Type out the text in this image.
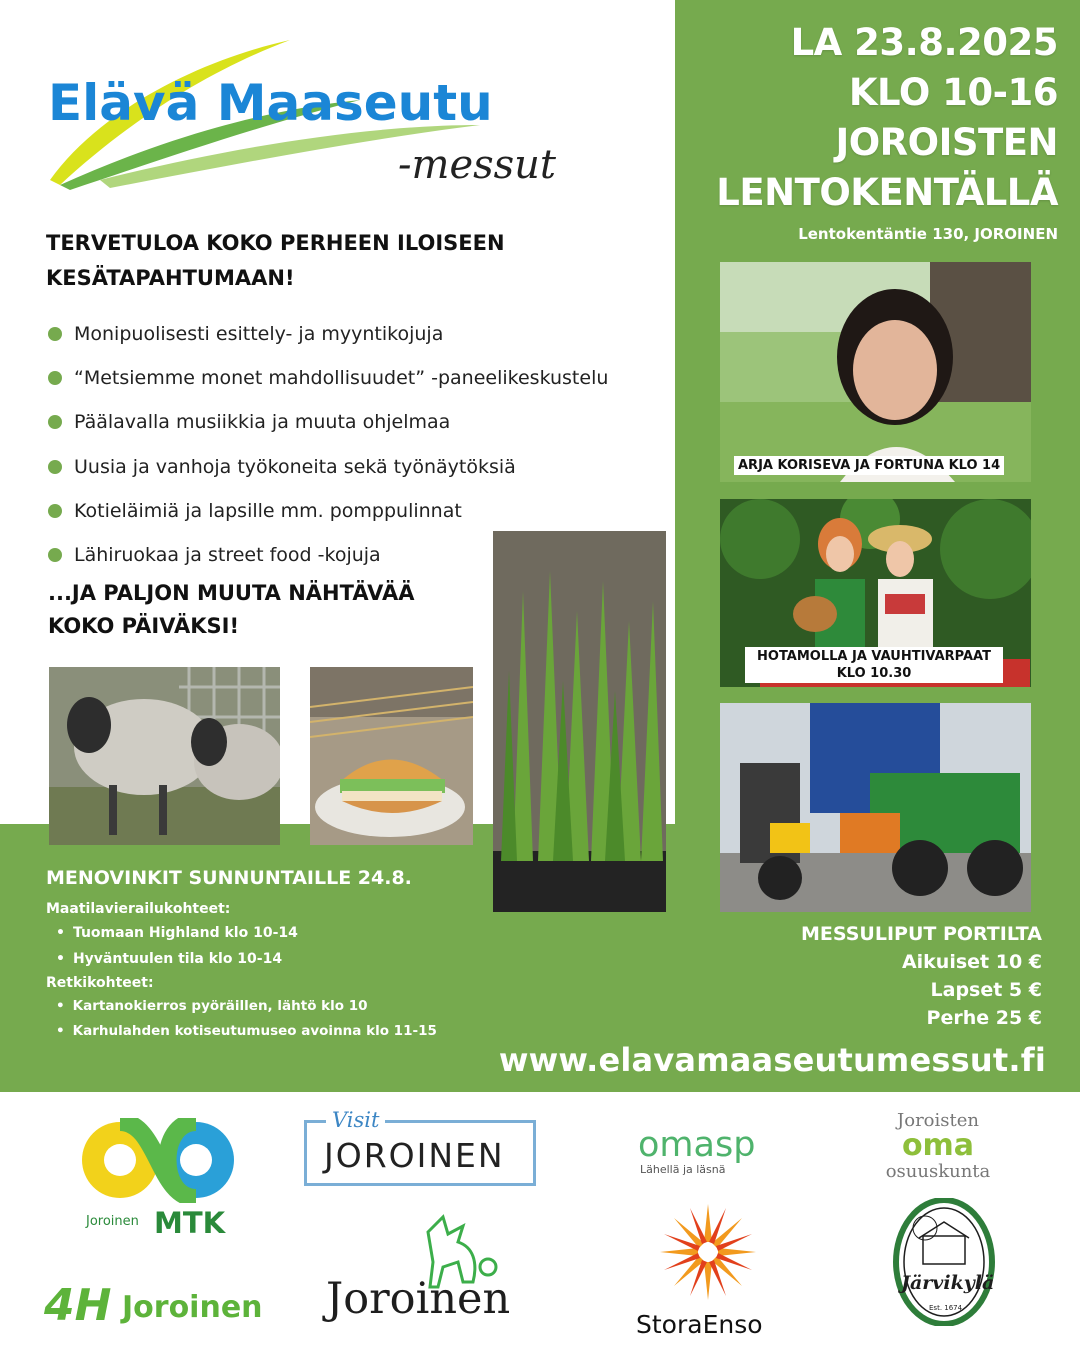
Elävä Maaseutu
-messut
LA 23.8.2025
KLO 10-16
JOROISTEN
LENTOKENTÄLLÄ
Lentokentäntie 130, JOROINEN
TERVETULOA KOKO PERHEEN ILOISEEN
KESÄTAPAHTUMAAN!
Monipuolisesti esittely- ja myyntikojuja
“Metsiemme monet mahdollisuudet” -paneelikeskustelu
Päälavalla musiikkia ja muuta ohjelmaa
Uusia ja vanhoja työkoneita sekä työnäytöksiä
Kotieläimiä ja lapsille mm. pomppulinnat
Lähiruokaa ja street food -kojuja
...JA PALJON MUUTA NÄHTÄVÄÄ
KOKO PÄIVÄKSI!
ARJA KORISEVA JA FORTUNA KLO 14
HOTAMOLLA JA VAUHTIVARPAAT
KLO 10.30
MENOVINKIT SUNNUNTAILLE 24.8.
Maatilavierailukohteet:
• Tuomaan Highland klo 10-14
• Hyväntuulen tila klo 10-14
Retkikohteet:
• Kartanokierros pyöräillen, lähtö klo 10
• Karhulahden kotiseutumuseo avoinna klo 11-15
MESSULIPUT PORTILTA
Aikuiset 10 €
Lapset 5 €
Perhe 25 €
www.elavamaaseutumessut.fi
Joroinen MTK
Visit
JOROINEN	omasp
Lähellä ja läsnä
Joroisten
oma
osuuskunta
4H Joroinen Joroinen
StoraEnso
Järvikylä
Est. 1674
